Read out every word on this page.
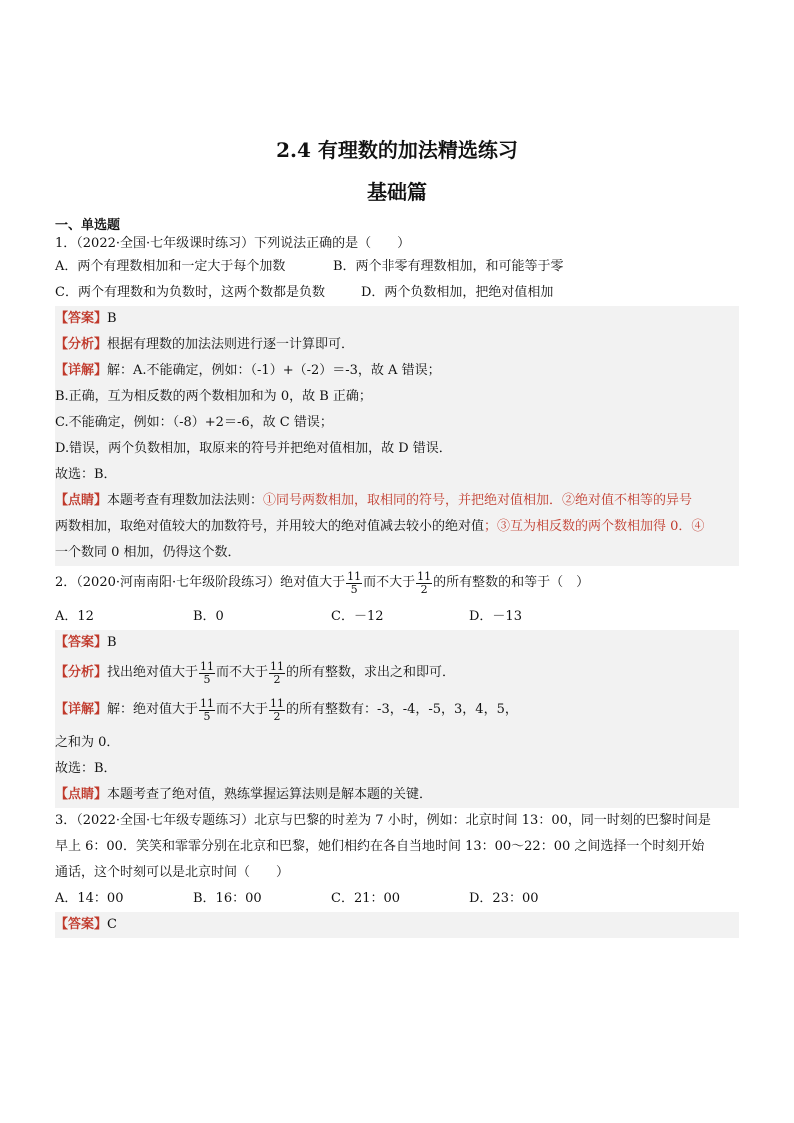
2.4 有理数的加法精选练习
基础篇
一、单选题
1．（2022·全国·七年级课时练习）下列说法正确的是（　　）
A．两个有理数相加和一定大于每个加数	B．两个非零有理数相加，和可能等于零
C．两个有理数和为负数时，这两个数都是负数	D．两个负数相加，把绝对值相加
【答案】B
【分析】根据有理数的加法法则进行逐一计算即可．
【详解】解：A.不能确定，例如：（-1）+（-2）＝-3，故 A 错误；
B.正确，互为相反数的两个数相加和为 0，故 B 正确；
C.不能确定，例如：（-8）+2＝-6，故 C 错误；
D.错误，两个负数相加，取原来的符号并把绝对值相加，故 D 错误．
故选：B．
【点睛】本题考查有理数加法法则：①同号两数相加，取相同的符号，并把绝对值相加．②绝对值不相等的异号
两数相加，取绝对值较大的加数符号，并用较大的绝对值减去较小的绝对值；③互为相反数的两个数相加得 0．④
一个数同 0 相加，仍得这个数．
2．（2020·河南南阳·七年级阶段练习）绝对值大于 $\frac{11}{5}$ 而不大于 $\frac{11}{2}$ 的所有整数的和等于（　）
A．12	B．0	C．－12	D．－13
【答案】B
【分析】 找出绝对值大于 $\frac{11}{5}$ 而不大于 $\frac{11}{2}$ 的所有整数，求出之和即可．
【详解】 解：绝对值大于 $\frac{11}{5}$ 而不大于 $\frac{11}{2}$ 的所有整数有：-3，-4，-5，3，4，5，
之和为 0．
故选：B．
【点睛】本题考查了绝对值，熟练掌握运算法则是解本题的关键．
3．（2022·全国·七年级专题练习）北京与巴黎的时差为 7 小时，例如：北京时间 13：00，同一时刻的巴黎时间是
早上 6：00．笑笑和霏霏分别在北京和巴黎，她们相约在各自当地时间 13：00～22：00 之间选择一个时刻开始
通话，这个时刻可以是北京时间（　　）
A．14：00	B．16：00	C．21：00	D．23：00
【答案】C
